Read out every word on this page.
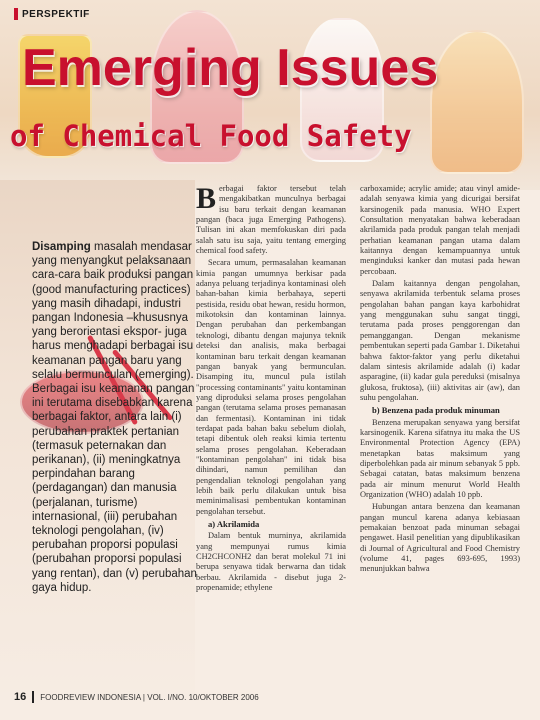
PERSPEKTIF
Emerging Issues
of Chemical Food Safety
Disamping masalah mendasar yang menyangkut pelaksanaan cara-cara baik produksi pangan (good manufacturing practices) yang masih dihadapi, industri pangan Indonesia –khususnya yang berorientasi ekspor- juga harus menghadapi berbagai isu keamanan pangan baru yang selalu bermunculan (emerging). Berbagai isu keamanan pangan ini terutama disebabkan karena berbagai faktor, antara lain (i) perubahan praktek pertanian (termasuk peternakan dan perikanan), (ii) meningkatnya perpindahan barang (perdagangan) dan manusia (perjalanan, turisme) internasional, (iii) perubahan teknologi pengolahan, (iv) perubahan proporsi populasi (perubahan proporsi populasi yang rentan), dan (v) perubahan gaya hidup.

Berbagai faktor tersebut telah mengakibatkan munculnya berbagai isu baru terkait dengan keamanan pangan (baca juga Emerging Pathogens). Tulisan ini akan memfokuskan diri pada salah satu isu saja, yaitu tentang emerging chemical food safety.

Secara umum, permasalahan keamanan kimia pangan umumnya berkisar pada adanya peluang terjadinya kontaminasi oleh bahan-bahan kimia berbahaya, seperti pestisida, residu obat hewan, residu hormon, mikotoksin dan kontaminan lainnya. Dengan perubahan dan perkembangan teknologi, dibantu dengan majunya teknik deteksi dan analisis, maka berbagai kontaminan baru terkait dengan keamanan pangan banyak yang bermunculan. Disamping itu, muncul pula istilah "processing contaminants" yaitu kontaminan yang diproduksi selama proses pengolahan pangan (terutama selama proses pemanasan dan fermentasi). Kontaminan ini tidak terdapat pada bahan baku sebelum diolah, tetapi dibentuk oleh reaksi kimia tertentu selama proses pengolahan. Keberadaan "kontaminan pengolahan" ini tidak bisa dihindari, namun pemilihan dan pengendalian teknologi pengolahan yang lebih baik perlu dilakukan untuk bisa meminimalisasi pembentukan kontaminan pengolahan tersebut.

a) Akrilamida

Dalam bentuk murninya, akrilamida yang mempunyai rumus kimia CH2CHCONH2 dan berat molekul 71 ini berupa senyawa tidak berwarna dan tidak berbau. Akrilamida - disebut juga 2-propenamide; ethylene

carboxamide; acrylic amide; atau vinyl amide- adalah senyawa kimia yang dicurigai bersifat karsinogenik pada manusia. WHO Expert Consultation menyatakan bahwa keberadaan akrilamida pada produk pangan telah menjadi perhatian keamanan pangan utama dalam kaitannya dengan kemampuannya untuk menginduksi kanker dan mutasi pada hewan percobaan.

Dalam kaitannya dengan pengolahan, senyawa akrilamida terbentuk selama proses pengolahan bahan pangan kaya karbohidrat yang menggunakan suhu sangat tinggi, terutama pada proses penggorengan dan pemanggangan. Dengan mekanisme pembentukan seperti pada Gambar 1. Diketahui bahwa faktor-faktor yang perlu diketahui dalam sintesis akrilamide adalah (i) kadar asparagine, (ii) kadar gula pereduksi (misalnya glukosa, fruktosa), (iii) aktivitas air (aw), dan suhu pengolahan.

b) Benzena pada produk minuman

Benzena merupakan senyawa yang bersifat karsinogenik. Karena sifatnya itu maka the US Environmental Protection Agency (EPA) menetapkan batas maksimum yang diperbolehkan pada air minum sebanyak 5 ppb. Sebagai catatan, batas maksimum benzena pada air minum menurut World Health Organization (WHO) adalah 10 ppb.

Hubungan antara benzena dan keamanan pangan muncul karena adanya kebiasaan pemakaian benzoat pada minuman sebagai pengawet. Hasil penelitian yang dipublikasikan di Journal of Agricultural and Food Chemistry (volume 41, pages 693-695, 1993) menunjukkan bahwa

16 FOODREVIEW INDONESIA | VOL. I/NO. 10/OKTOBER 2006
